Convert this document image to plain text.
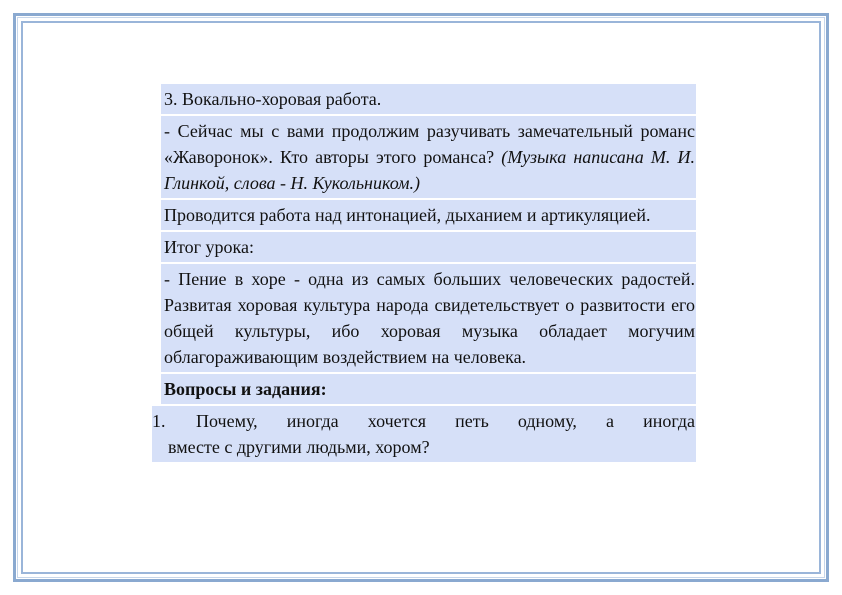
3. Вокально-хоровая работа.

- Сейчас мы с вами продолжим разучивать замечательный романс «Жаворонок». Кто авторы этого романса? (Музыка написана М. И. Глинкой, слова - Н. Кукольником.)

Проводится работа над интонацией, дыханием и артикуляцией.

Итог урока:

- Пение в хоре - одна из самых больших человеческих радостей. Развитая хоровая культура народа свидетельствует о развитости его общей культуры, ибо хоровая музыка обладает могучим облагораживающим воздействием на человека.

Вопросы и задания:

1.	Почему, иногда хочется петь одному, а иногда
вместе с другими людьми, хором?
